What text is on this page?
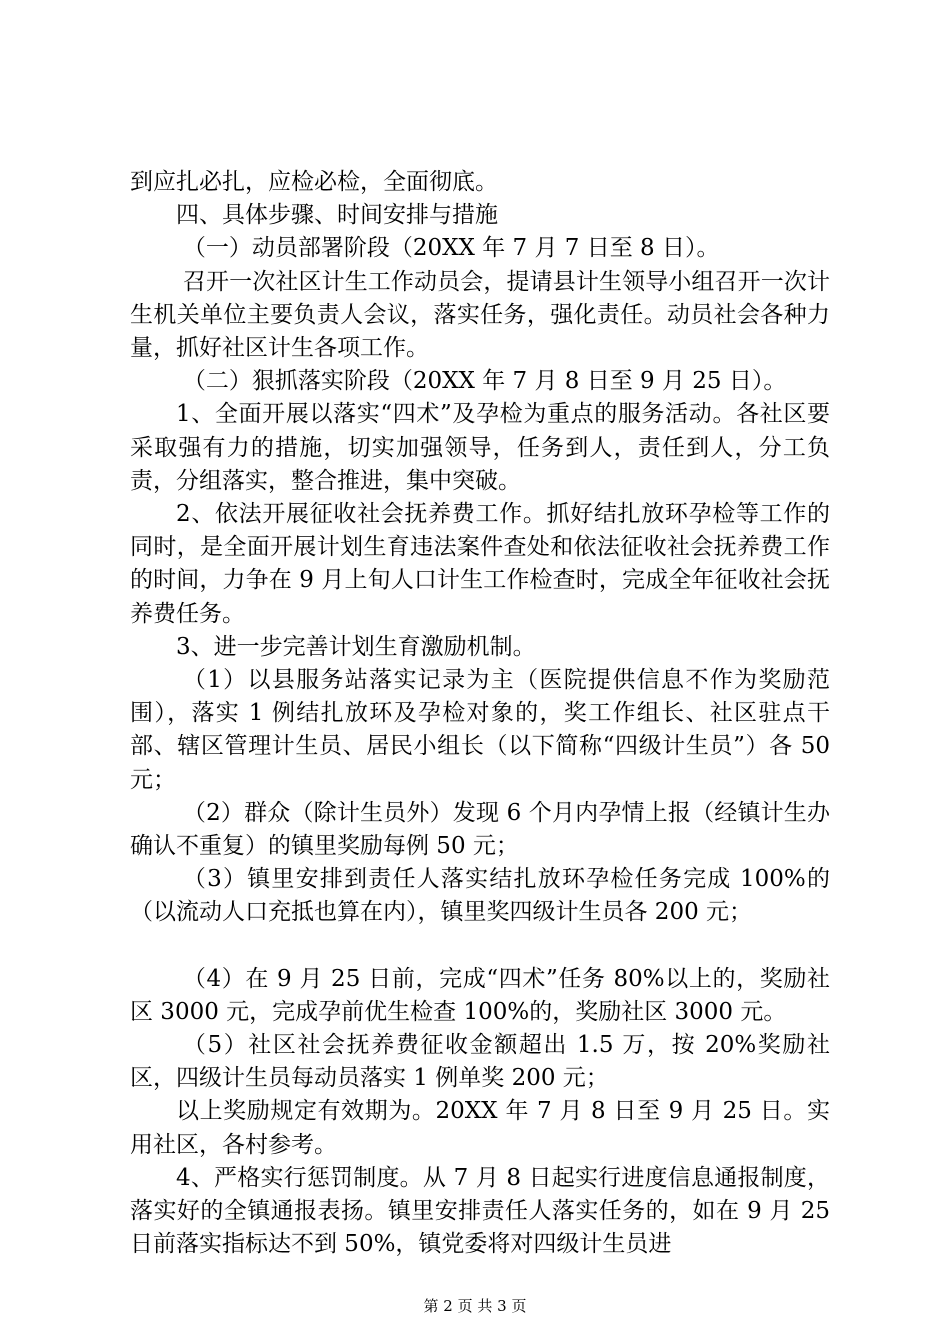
到应扎必扎，应检必检，全面彻底。

四、具体步骤、时间安排与措施

（一）动员部署阶段（20XX 年 7 月 7 日至 8 日）。

召开一次社区计生工作动员会，提请县计生领导小组召开一次计生机关单位主要负责人会议，落实任务，强化责任。动员社会各种力量，抓好社区计生各项工作。

（二）狠抓落实阶段（20XX 年 7 月 8 日至 9 月 25 日）。

1、全面开展以落实“四术”及孕检为重点的服务活动。各社区要采取强有力的措施，切实加强领导，任务到人，责任到人，分工负责，分组落实，整合推进，集中突破。

2、依法开展征收社会抚养费工作。抓好结扎放环孕检等工作的同时，是全面开展计划生育违法案件查处和依法征收社会抚养费工作的时间，力争在 9 月上旬人口计生工作检查时，完成全年征收社会抚养费任务。

3、进一步完善计划生育激励机制。

（1）以县服务站落实记录为主（医院提供信息不作为奖励范围），落实 1 例结扎放环及孕检对象的，奖工作组长、社区驻点干部、辖区管理计生员、居民小组长（以下简称“四级计生员”）各 50 元；

（2）群众（除计生员外）发现 6 个月内孕情上报（经镇计生办确认不重复）的镇里奖励每例 50 元；

（3）镇里安排到责任人落实结扎放环孕检任务完成 100%的（以流动人口充抵也算在内），镇里奖四级计生员各 200 元；

（4）在 9 月 25 日前，完成“四术”任务 80%以上的，奖励社区 3000 元，完成孕前优生检查 100%的，奖励社区 3000 元。

（5）社区社会抚养费征收金额超出 1.5 万，按 20%奖励社区，四级计生员每动员落实 1 例单奖 200 元；

以上奖励规定有效期为。20XX 年 7 月 8 日至 9 月 25 日。实用社区，各村参考。

4、严格实行惩罚制度。从 7 月 8 日起实行进度信息通报制度，落实好的全镇通报表扬。镇里安排责任人落实任务的，如在 9 月 25 日前落实指标达不到 50%，镇党委将对四级计生员进

第 2 页 共 3 页
